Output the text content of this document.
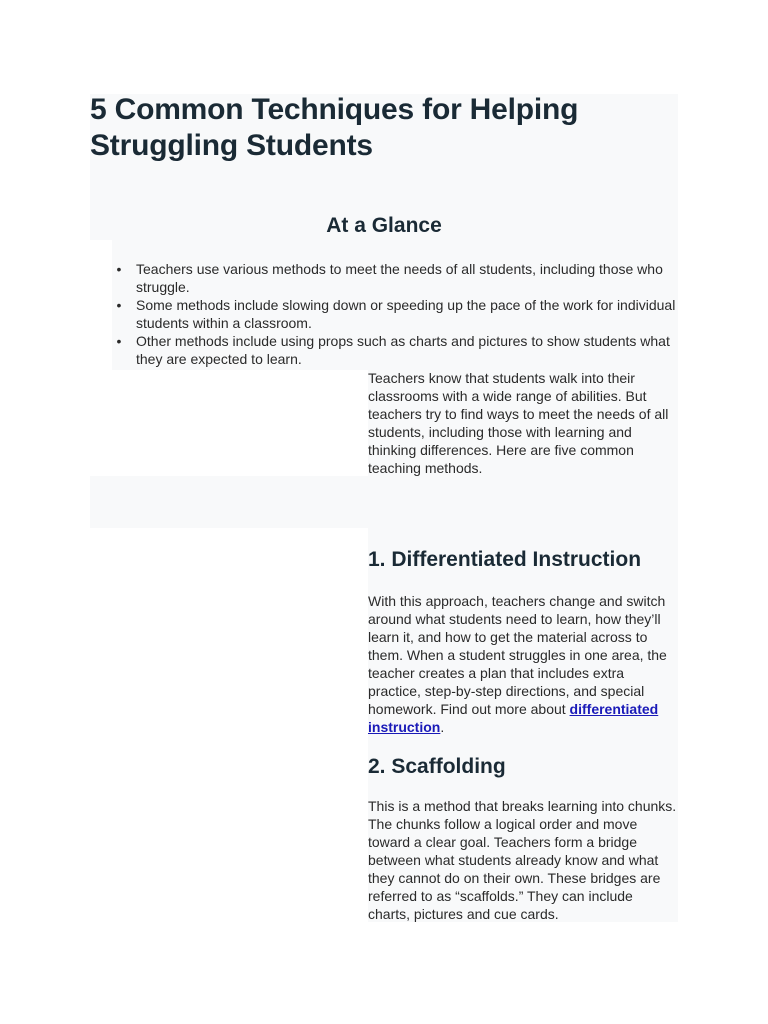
5 Common Techniques for Helping Struggling Students
At a Glance
•	Teachers use various methods to meet the needs of all students, including those who struggle.
•	Some methods include slowing down or speeding up the pace of the work for individual students within a classroom.
•	Other methods include using props such as charts and pictures to show students what they are expected to learn.

Teachers know that students walk into their classrooms with a wide range of abilities. But teachers try to find ways to meet the needs of all students, including those with learning and thinking differences. Here are five common teaching methods.

1. Differentiated Instruction

With this approach, teachers change and switch around what students need to learn, how they’ll learn it, and how to get the material across to them. When a student struggles in one area, the teacher creates a plan that includes extra practice, step-by-step directions, and special homework. Find out more about differentiated instruction.

2. Scaffolding

This is a method that breaks learning into chunks. The chunks follow a logical order and move toward a clear goal. Teachers form a bridge between what students already know and what they cannot do on their own. These bridges are referred to as “scaffolds.” They can include charts, pictures and cue cards.
